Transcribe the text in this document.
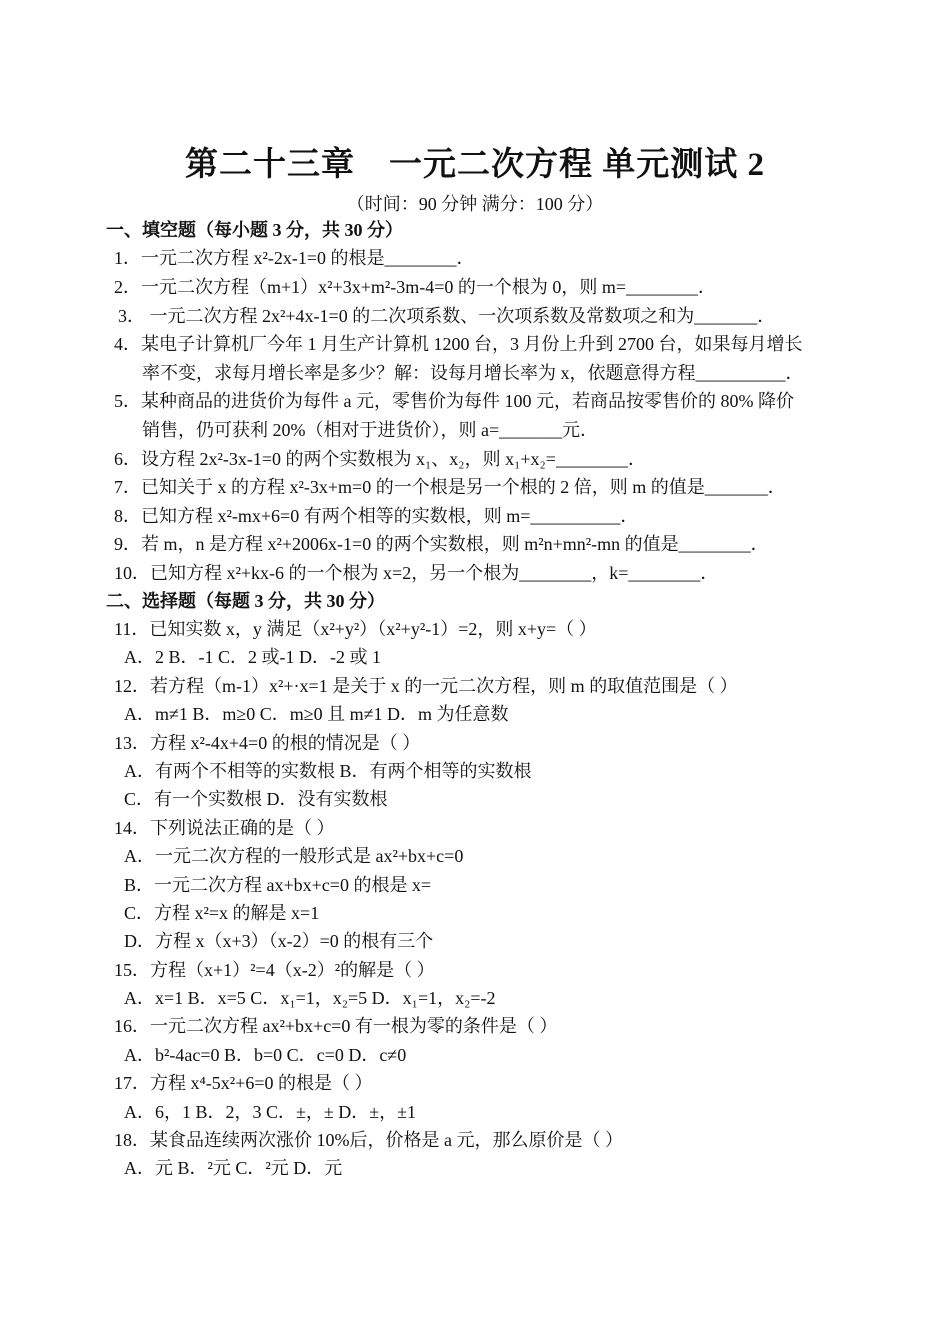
第二十三章　一元二次方程 单元测试 2
（时间：90 分钟 满分：100 分）
一、填空题（每小题 3 分，共 30 分）
1．一元二次方程 x²-2x-1=0 的根是________．
2．一元二次方程（m+1）x²+3x+m²-3m-4=0 的一个根为 0，则 m=________．
3． 一元二次方程 2x²+4x-1=0 的二次项系数、一次项系数及常数项之和为_______．
4．某电子计算机厂今年 1 月生产计算机 1200 台，3 月份上升到 2700 台，如果每月增长
率不变，求每月增长率是多少？解：设每月增长率为 x，依题意得方程__________．
5．某种商品的进货价为每件 a 元，零售价为每件 100 元，若商品按零售价的 80% 降价
销售，仍可获利 20%（相对于进货价），则 a=_______元．
6．设方程 2x²-3x-1=0 的两个实数根为 x₁、x₂，则 x₁+x₂=________．
7．已知关于 x 的方程 x²-3x+m=0 的一个根是另一个根的 2 倍，则 m 的值是_______．
8．已知方程 x²-mx+6=0 有两个相等的实数根，则 m=__________．
9．若 m，n 是方程 x²+2006x-1=0 的两个实数根，则 m²n+mn²-mn 的值是________．
10．已知方程 x²+kx-6 的一个根为 x=2，另一个根为________，k=________．
二、选择题（每题 3 分，共 30 分）
11．已知实数 x，y 满足（x²+y²）（x²+y²-1）=2，则 x+y=（ ）
A．2 B．-1 C．2 或-1 D．-2 或 1
12．若方程（m-1）x²+·x=1 是关于 x 的一元二次方程，则 m 的取值范围是（ ）
A．m≠1 B．m≥0 C．m≥0 且 m≠1 D．m 为任意数
13．方程 x²-4x+4=0 的根的情况是（ ）
A．有两个不相等的实数根 B．有两个相等的实数根
C．有一个实数根 D．没有实数根
14．下列说法正确的是（ ）
A．一元二次方程的一般形式是 ax²+bx+c=0
B．一元二次方程 ax+bx+c=0 的根是 x=
C．方程 x²=x 的解是 x=1
D．方程 x（x+3）（x-2）=0 的根有三个
15．方程（x+1）²=4（x-2）²的解是（ ）
A．x=1 B．x=5 C．x₁=1，x₂=5 D．x₁=1，x₂=-2
16．一元二次方程 ax²+bx+c=0 有一根为零的条件是（ ）
A．b²-4ac=0 B．b=0 C．c=0 D．c≠0
17．方程 x⁴-5x²+6=0 的根是（ ）
A．6，1 B．2，3 C．±，± D．±，±1
18．某食品连续两次涨价 10%后，价格是 a 元，那么原价是（ ）
A．元 B．²元 C．²元 D．元
